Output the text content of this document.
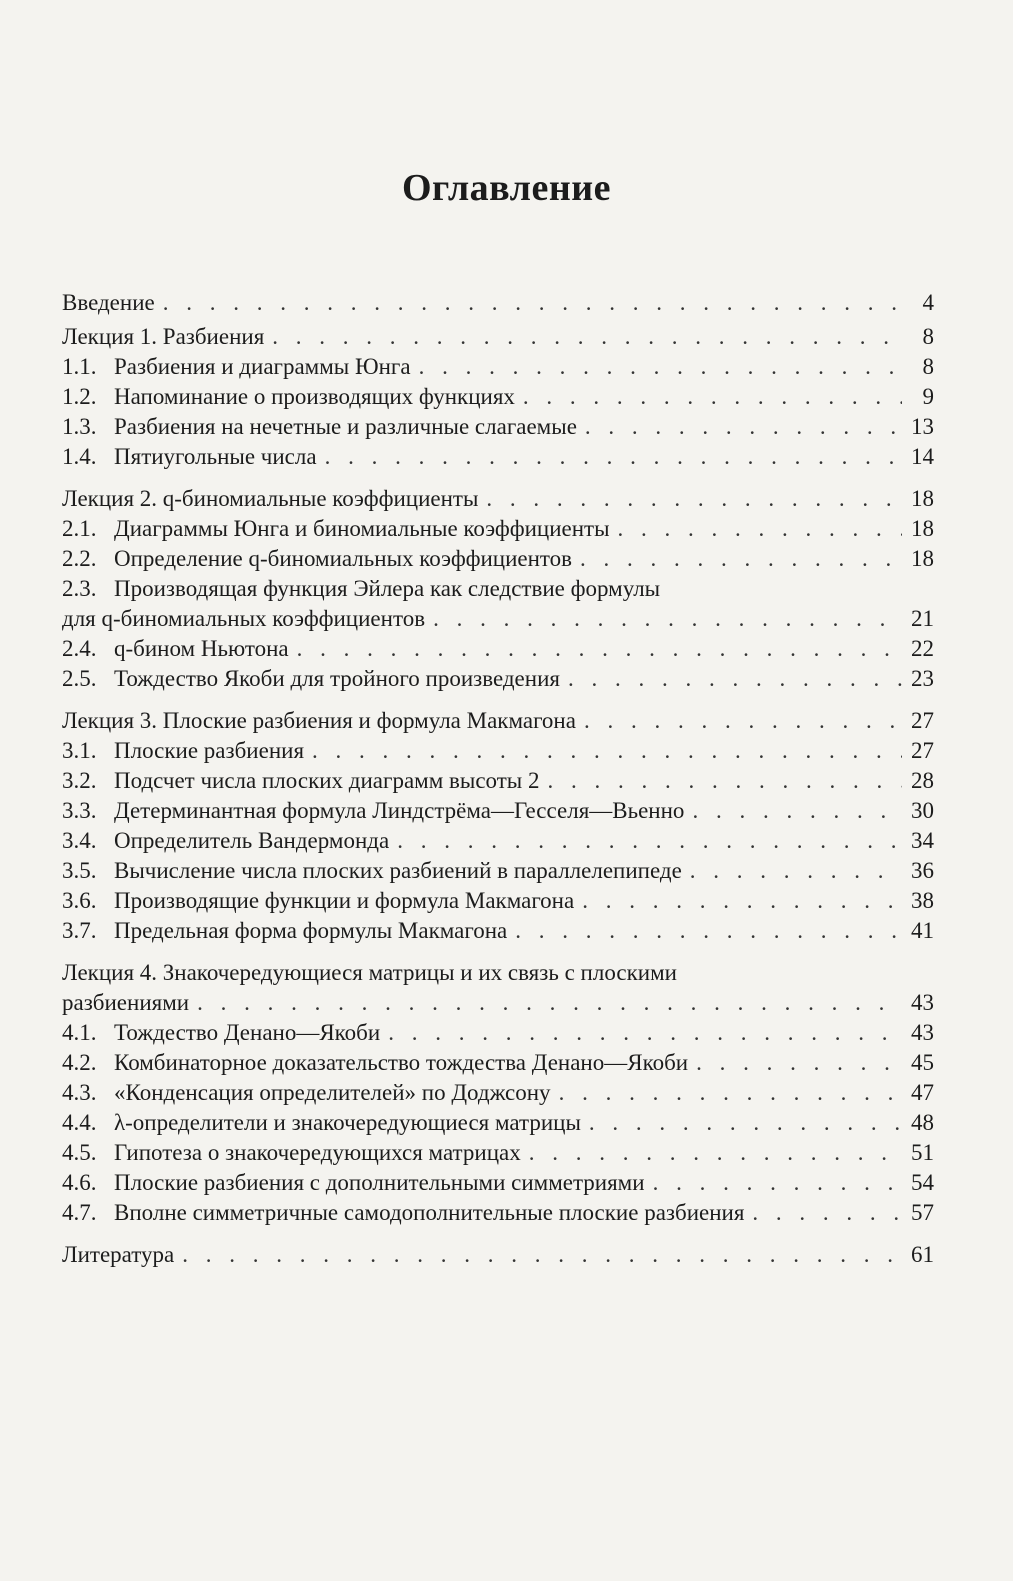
Оглавление
Введение . . .	4
Лекция 1. Разбиения . . .	8
1.1. Разбиения и диаграммы Юнга . . .	8
1.2. Напоминание о производящих функциях . . .	9
1.3. Разбиения на нечетные и различные слагаемые . . .	13
1.4. Пятиугольные числа . . .	14
Лекция 2. q-биномиальные коэффициенты . . .	18
2.1. Диаграммы Юнга и биномиальные коэффициенты . . .	18
2.2. Определение q-биномиальных коэффициентов . . .	18
2.3. Производящая функция Эйлера как следствие формулы
для q-биномиальных коэффициентов . . .	21
2.4. q-бином Ньютона . . .	22
2.5. Тождество Якоби для тройного произведения . . .	23
Лекция 3. Плоские разбиения и формула Макмагона . . .	27
3.1. Плоские разбиения . . .	27
3.2. Подсчет числа плоских диаграмм высоты 2 . . .	28
3.3. Детерминантная формула Линдстрёма—Гесселя—Вьенно . . .	30
3.4. Определитель Вандермонда . . .	34
3.5. Вычисление числа плоских разбиений в параллелепипеде . . .	36
3.6. Производящие функции и формула Макмагона . . .	38
3.7. Предельная форма формулы Макмагона . . .	41
Лекция 4. Знакочередующиеся матрицы и их связь с плоскими
разбиениями . . .	43
4.1. Тождество Денано—Якоби . . .	43
4.2. Комбинаторное доказательство тождества Денано—Якоби . . .	45
4.3. «Конденсация определителей» по Доджсону . . .	47
4.4. λ-определители и знакочередующиеся матрицы . . .	48
4.5. Гипотеза о знакочередующихся матрицах . . .	51
4.6. Плоские разбиения с дополнительными симметриями . . .	54
4.7. Вполне симметричные самодополнительные плоские разбиения . . .	57
Литература . . .	61
